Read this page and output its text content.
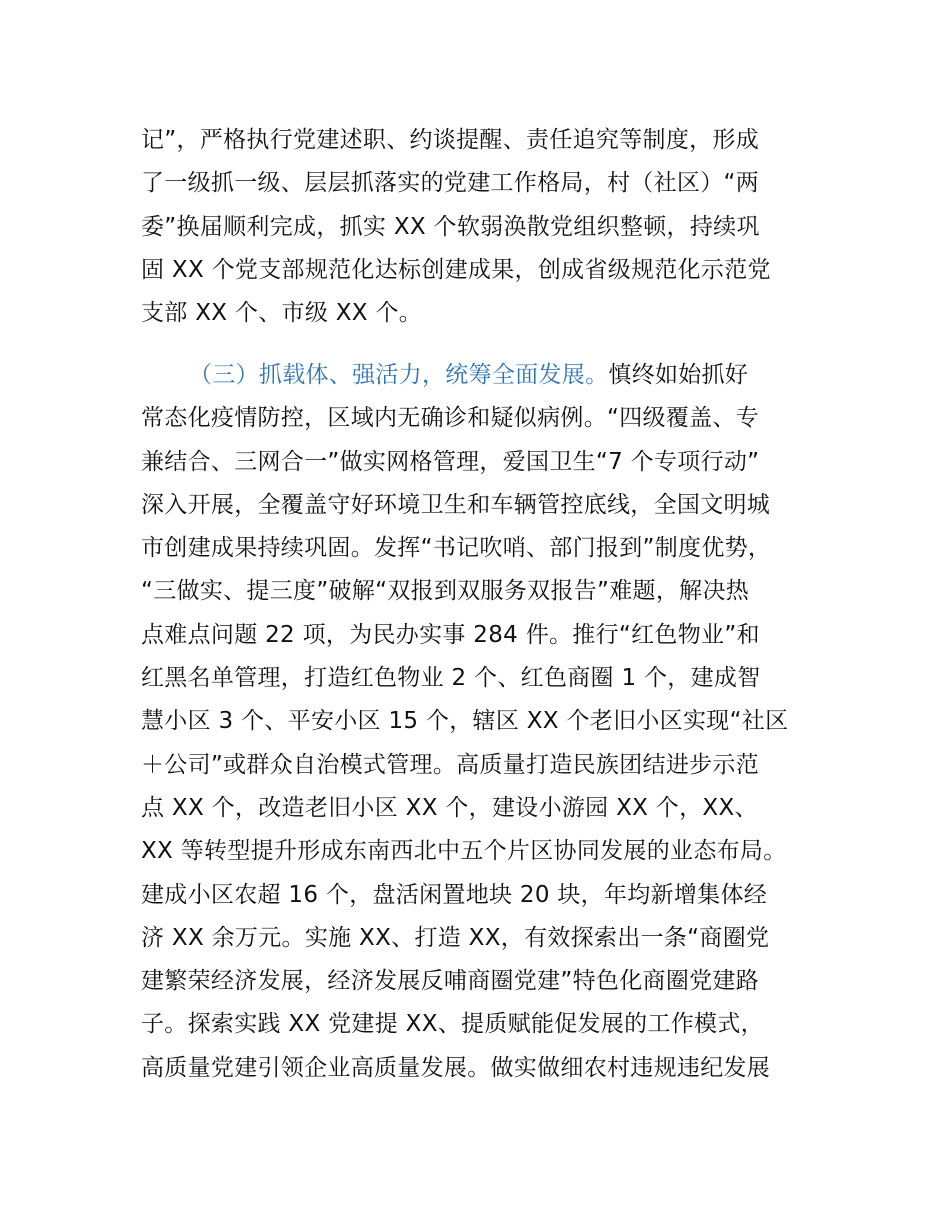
记”，严格执行党建述职、约谈提醒、责任追究等制度，形成
了一级抓一级、层层抓落实的党建工作格局，村（社区）“两
委”换届顺利完成，抓实 XX 个软弱涣散党组织整顿，持续巩
固 XX 个党支部规范化达标创建成果，创成省级规范化示范党
支部 XX 个、市级 XX 个。
（三）抓载体、强活力，统筹全面发展。慎终如始抓好
常态化疫情防控，区域内无确诊和疑似病例。“四级覆盖、专
兼结合、三网合一”做实网格管理，爱国卫生“7 个专项行动”
深入开展，全覆盖守好环境卫生和车辆管控底线，全国文明城
市创建成果持续巩固。发挥“书记吹哨、部门报到”制度优势，
“三做实、提三度”破解“双报到双服务双报告”难题，解决热
点难点问题 22 项，为民办实事 284 件。推行“红色物业”和
红黑名单管理，打造红色物业 2 个、红色商圈 1 个，建成智
慧小区 3 个、平安小区 15 个，辖区 XX 个老旧小区实现“社区
＋公司”或群众自治模式管理。高质量打造民族团结进步示范
点 XX 个，改造老旧小区 XX 个，建设小游园 XX 个，XX、
XX 等转型提升形成东南西北中五个片区协同发展的业态布局。
建成小区农超 16 个，盘活闲置地块 20 块，年均新增集体经
济 XX 余万元。实施 XX、打造 XX，有效探索出一条“商圈党
建繁荣经济发展，经济发展反哺商圈党建”特色化商圈党建路
子。探索实践 XX 党建提 XX、提质赋能促发展的工作模式，
高质量党建引领企业高质量发展。做实做细农村违规违纪发展
